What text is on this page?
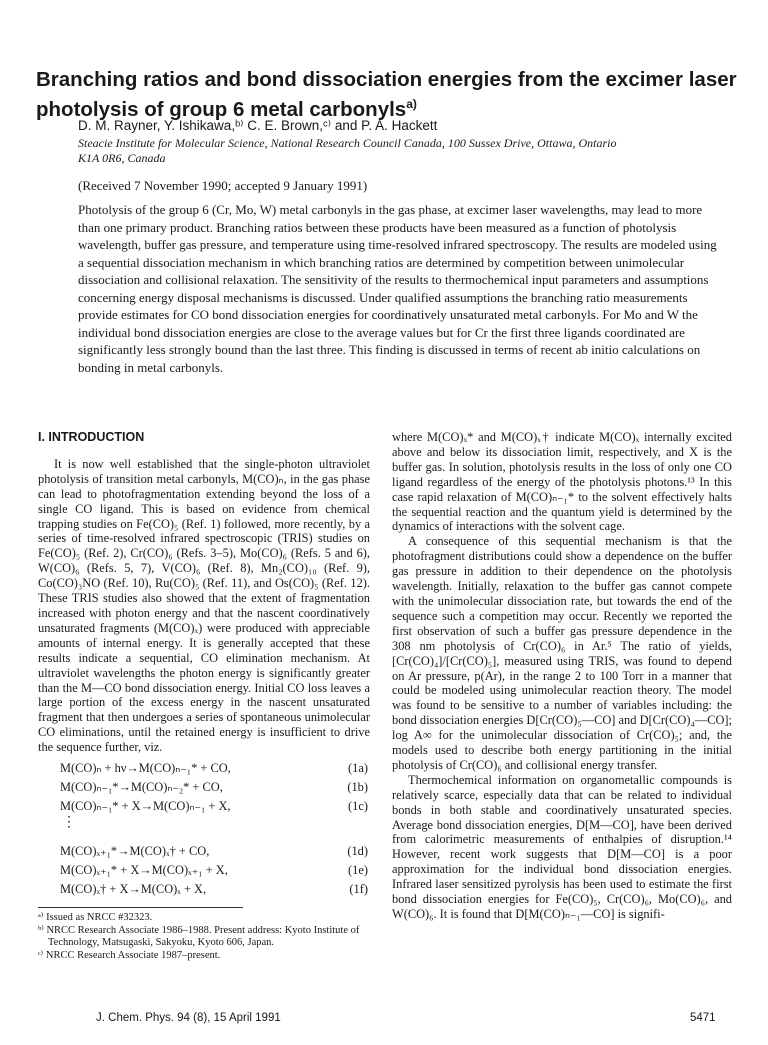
Branching ratios and bond dissociation energies from the excimer laser photolysis of group 6 metal carbonyls$^{a)}$
D. M. Rayner, Y. Ishikawa,ᵇ⁾ C. E. Brown,ᶜ⁾ and P. A. Hackett
Steacie Institute for Molecular Science, National Research Council Canada, 100 Sussex Drive, Ottawa, Ontario K1A 0R6, Canada
(Received 7 November 1990; accepted 9 January 1991)
Photolysis of the group 6 (Cr, Mo, W) metal carbonyls in the gas phase, at excimer laser wavelengths, may lead to more than one primary product. Branching ratios between these products have been measured as a function of photolysis wavelength, buffer gas pressure, and temperature using time-resolved infrared spectroscopy. The results are modeled using a sequential dissociation mechanism in which branching ratios are determined by competition between unimolecular dissociation and collisional relaxation. The sensitivity of the results to thermochemical input parameters and assumptions concerning energy disposal mechanisms is discussed. Under qualified assumptions the branching ratio measurements provide estimates for CO bond dissociation energies for coordinatively unsaturated metal carbonyls. For Mo and W the individual bond dissociation energies are close to the average values but for Cr the first three ligands coordinated are significantly less strongly bound than the last three. This finding is discussed in terms of recent ab initio calculations on bonding in metal carbonyls.
I. INTRODUCTION

It is now well established that the single-photon ultraviolet photolysis of transition metal carbonyls, M(CO)ₙ, in the gas phase can lead to photofragmentation extending beyond the loss of a single CO ligand. This is based on evidence from chemical trapping studies on Fe(CO)₅ (Ref. 1) followed, more recently, by a series of time-resolved infrared spectroscopic (TRIS) studies on Fe(CO)₅ (Ref. 2), Cr(CO)₆ (Refs. 3–5), Mo(CO)₆ (Refs. 5 and 6), W(CO)₆ (Refs. 5, 7), V(CO)₆ (Ref. 8), Mn₂(CO)₁₀ (Ref. 9), Co(CO)₃NO (Ref. 10), Ru(CO)₅ (Ref. 11), and Os(CO)₅ (Ref. 12). These TRIS studies also showed that the extent of fragmentation increased with photon energy and that the nascent coordinatively unsaturated fragments (M(CO)ₓ) were produced with appreciable amounts of internal energy. It is generally accepted that these results indicate a sequential, CO elimination mechanism. At ultraviolet wavelengths the photon energy is significantly greater than the M—CO bond dissociation energy. Initial CO loss leaves a large portion of the excess energy in the nascent unsaturated fragment that then undergoes a series of spontaneous unimolecular CO eliminations, until the retained energy is insufficient to drive the sequence further, viz.

M(CO)ₙ + hν→M(CO)ₙ₋₁* + CO,	(1a)
M(CO)ₙ₋₁*→M(CO)ₙ₋₂* + CO,	(1b)
M(CO)ₙ₋₁* + X→M(CO)ₙ₋₁ + X,	(1c)
⋮
M(CO)ₓ₊₁*→M(CO)ₓ† + CO,	(1d)
M(CO)ₓ₊₁* + X→M(CO)ₓ₊₁ + X,	(1e)
M(CO)ₓ† + X→M(CO)ₓ + X,	(1f)
ᵃ⁾ Issued as NRCC #32323.
ᵇ⁾ NRCC Research Associate 1986–1988. Present address: Kyoto Institute of Technology, Matsugaski, Sakyoku, Kyoto 606, Japan.
ᶜ⁾ NRCC Research Associate 1987–present.

where M(CO)ₓ* and M(CO)ₓ† indicate M(CO)ₓ internally excited above and below its dissociation limit, respectively, and X is the buffer gas. In solution, photolysis results in the loss of only one CO ligand regardless of the energy of the photolysis photons.¹³ In this case rapid relaxation of M(CO)ₙ₋₁* to the solvent effectively halts the sequential reaction and the quantum yield is determined by the dynamics of interactions with the solvent cage.

A consequence of this sequential mechanism is that the photofragment distributions could show a dependence on the buffer gas pressure in addition to their dependence on the photolysis wavelength. Initially, relaxation to the buffer gas cannot compete with the unimolecular dissociation rate, but towards the end of the sequence such a competition may occur. Recently we reported the first observation of such a buffer gas pressure dependence in the 308 nm photolysis of Cr(CO)₆ in Ar.⁵ The ratio of yields, [Cr(CO)₄]/[Cr(CO)₅], measured using TRIS, was found to depend on Ar pressure, p(Ar), in the range 2 to 100 Torr in a manner that could be modeled using unimolecular reaction theory. The model was found to be sensitive to a number of variables including: the bond dissociation energies D[Cr(CO)₅—CO] and D[Cr(CO)₄—CO]; log A∞ for the unimolecular dissociation of Cr(CO)₅; and, the models used to describe both energy partitioning in the initial photolysis of Cr(CO)₆ and collisional energy transfer.

Thermochemical information on organometallic compounds is relatively scarce, especially data that can be related to individual bonds in both stable and coordinatively unsaturated species. Average bond dissociation energies, D[M—CO], have been derived from calorimetric measurements of enthalpies of disruption.¹⁴ However, recent work suggests that D[M—CO] is a poor approximation for the individual bond dissociation energies. Infrared laser sensitized pyrolysis has been used to estimate the first bond dissociation energies for Fe(CO)₅, Cr(CO)₆, Mo(CO)₆, and W(CO)₆. It is found that D[M(CO)ₙ₋₁—CO] is signifi-

J. Chem. Phys. 94 (8), 15 April 1991	5471
